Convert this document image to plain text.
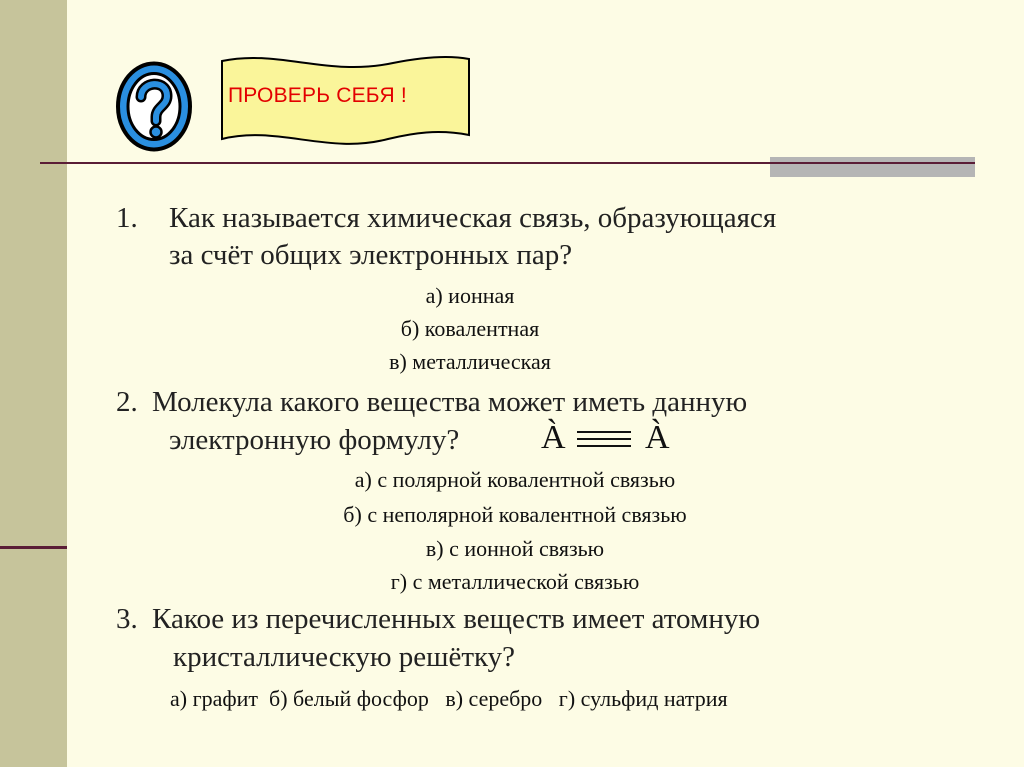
ПРОВЕРЬ СЕБЯ !
1. Как называется химическая связь, образующаяся
за счёт общих электронных пар?
а) ионная
б) ковалентная
в) металлическая
2. Молекула какого вещества может иметь данную
электронную формулу? À À
а) с полярной ковалентной связью
б) с неполярной ковалентной связью
в) с ионной связью
г) с металлической связью
3. Какое из перечисленных веществ имеет атомную
кристаллическую решётку?
а) графит  б) белый фосфор   в) серебро   г) сульфид натрия
